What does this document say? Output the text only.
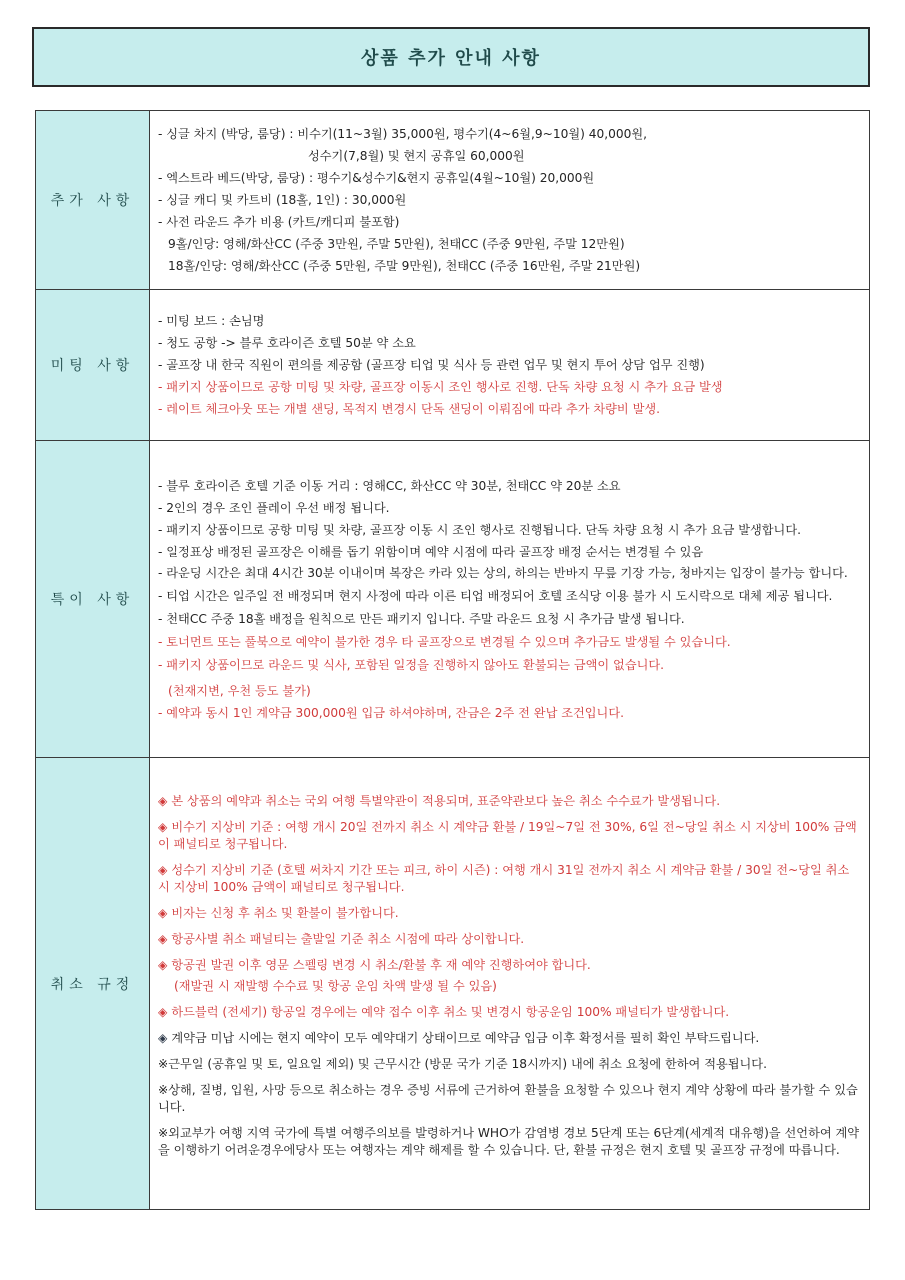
상품 추가 안내 사항
추가 사항	
- 싱글 차지 (박당, 룸당) : 비수기(11~3월) 35,000원, 평수기(4~6월,9~10월) 40,000원,
성수기(7,8월) 및 현지 공휴일 60,000원
- 엑스트라 베드(박당, 룸당) : 평수기&성수기&현지 공휴일(4월~10월) 20,000원
- 싱글 캐디 및 카트비 (18홀, 1인) : 30,000원
- 사전 라운드 추가 비용 (카트/캐디피 불포함)
9홀/인당: 영해/화산CC (주중 3만원, 주말 5만원), 천태CC (주중 9만원, 주말 12만원)
18홀/인당: 영해/화산CC (주중 5만원, 주말 9만원), 천태CC (주중 16만원, 주말 21만원)

미팅 사항	- 미팅 보드 : 손님명
- 청도 공항 -> 블루 호라이즌 호텔 50분 약 소요
- 골프장 내 한국 직원이 편의를 제공함 (골프장 티업 및 식사 등 관련 업무 및 현지 투어 상담 업무 진행)
- 패키지 상품이므로 공항 미팅 및 차량, 골프장 이동시 조인 행사로 진행. 단독 차량 요청 시 추가 요금 발생
- 레이트 체크아웃 또는 개별 샌딩, 목적지 변경시 단독 샌딩이 이뤄짐에 따라 추가 차량비 발생.

특이 사항	
- 블루 호라이즌 호텔 기준 이동 거리 : 영해CC, 화산CC 약 30분, 천태CC 약 20분 소요
- 2인의 경우 조인 플레이 우선 배정 됩니다.
- 패키지 상품이므로 공항 미팅 및 차량, 골프장 이동 시 조인 행사로 진행됩니다. 단독 차량 요청 시 추가 요금 발생합니다.
- 일정표상 배정된 골프장은 이해를 돕기 위함이며 예약 시점에 따라 골프장 배정 순서는 변경될 수 있음
- 라운딩 시간은 최대 4시간 30분 이내이며 복장은 카라 있는 상의, 하의는 반바지 무릎 기장 가능, 청바지는 입장이 불가능 합니다.
- 티업 시간은 일주일 전 배정되며 현지 사정에 따라 이른 티업 배정되어 호텔 조식당 이용 불가 시 도시락으로 대체 제공 됩니다.
- 천태CC 주중 18홀 배정을 원칙으로 만든 패키지 입니다. 주말 라운드 요청 시 추가금 발생 됩니다.
- 토너먼트 또는 풀북으로 예약이 불가한 경우 타 골프장으로 변경될 수 있으며 추가금도 발생될 수 있습니다.
- 패키지 상품이므로 라운드 및 식사, 포함된 일정을 진행하지 않아도 환불되는 금액이 없습니다.
(천재지변, 우천 등도 불가)
- 예약과 동시 1인 계약금 300,000원 입금 하셔야하며, 잔금은 2주 전 완납 조건입니다.

취소 규정	
◈ 본 상품의 예약과 취소는 국외 여행 특별약관이 적용되며, 표준약관보다 높은 취소 수수료가 발생됩니다.
◈ 비수기 지상비 기준 : 여행 개시 20일 전까지 취소 시 계약금 환불 / 19일~7일 전 30%, 6일 전~당일 취소 시 지상비 100% 금액이 패널티로 청구됩니다.
◈ 성수기 지상비 기준 (호텔 써차지 기간 또는 피크, 하이 시즌) : 여행 개시 31일 전까지 취소 시 계약금 환불 / 30일 전~당일 취소 시 지상비 100% 금액이 패널티로 청구됩니다.
◈ 비자는 신청 후 취소 및 환불이 불가합니다.
◈ 항공사별 취소 패널티는 출발일 기준 취소 시점에 따라 상이합니다.
◈ 항공권 발권 이후 영문 스펠링 변경 시 취소/환불 후 재 예약 진행하여야 합니다.
(재발권 시 재발행 수수료 및 항공 운임 차액 발생 될 수 있음)
◈ 하드블럭 (전세기) 항공일 경우에는 예약 접수 이후 취소 및 변경시 항공운임 100% 패널티가 발생합니다.
◈ 계약금 미납 시에는 현지 예약이 모두 예약대기 상태이므로 예약금 입금 이후 확정서를 필히 확인 부탁드립니다.
※근무일 (공휴일 및 토, 일요일 제외) 및 근무시간 (방문 국가 기준 18시까지) 내에 취소 요청에 한하여 적용됩니다.
※상해, 질병, 입원, 사망 등으로 취소하는 경우 증빙 서류에 근거하여 환불을 요청할 수 있으나 현지 계약 상황에 따라 불가할 수 있습니다.
※외교부가 여행 지역 국가에 특별 여행주의보를 발령하거나 WHO가 감염병 경보 5단계 또는 6단계(세계적 대유행)을 선언하여 계약을 이행하기 어려운경우에당사 또는 여행자는 계약 해제를 할 수 있습니다. 단, 환불 규정은 현지 호텔 및 골프장 규정에 따릅니다.
